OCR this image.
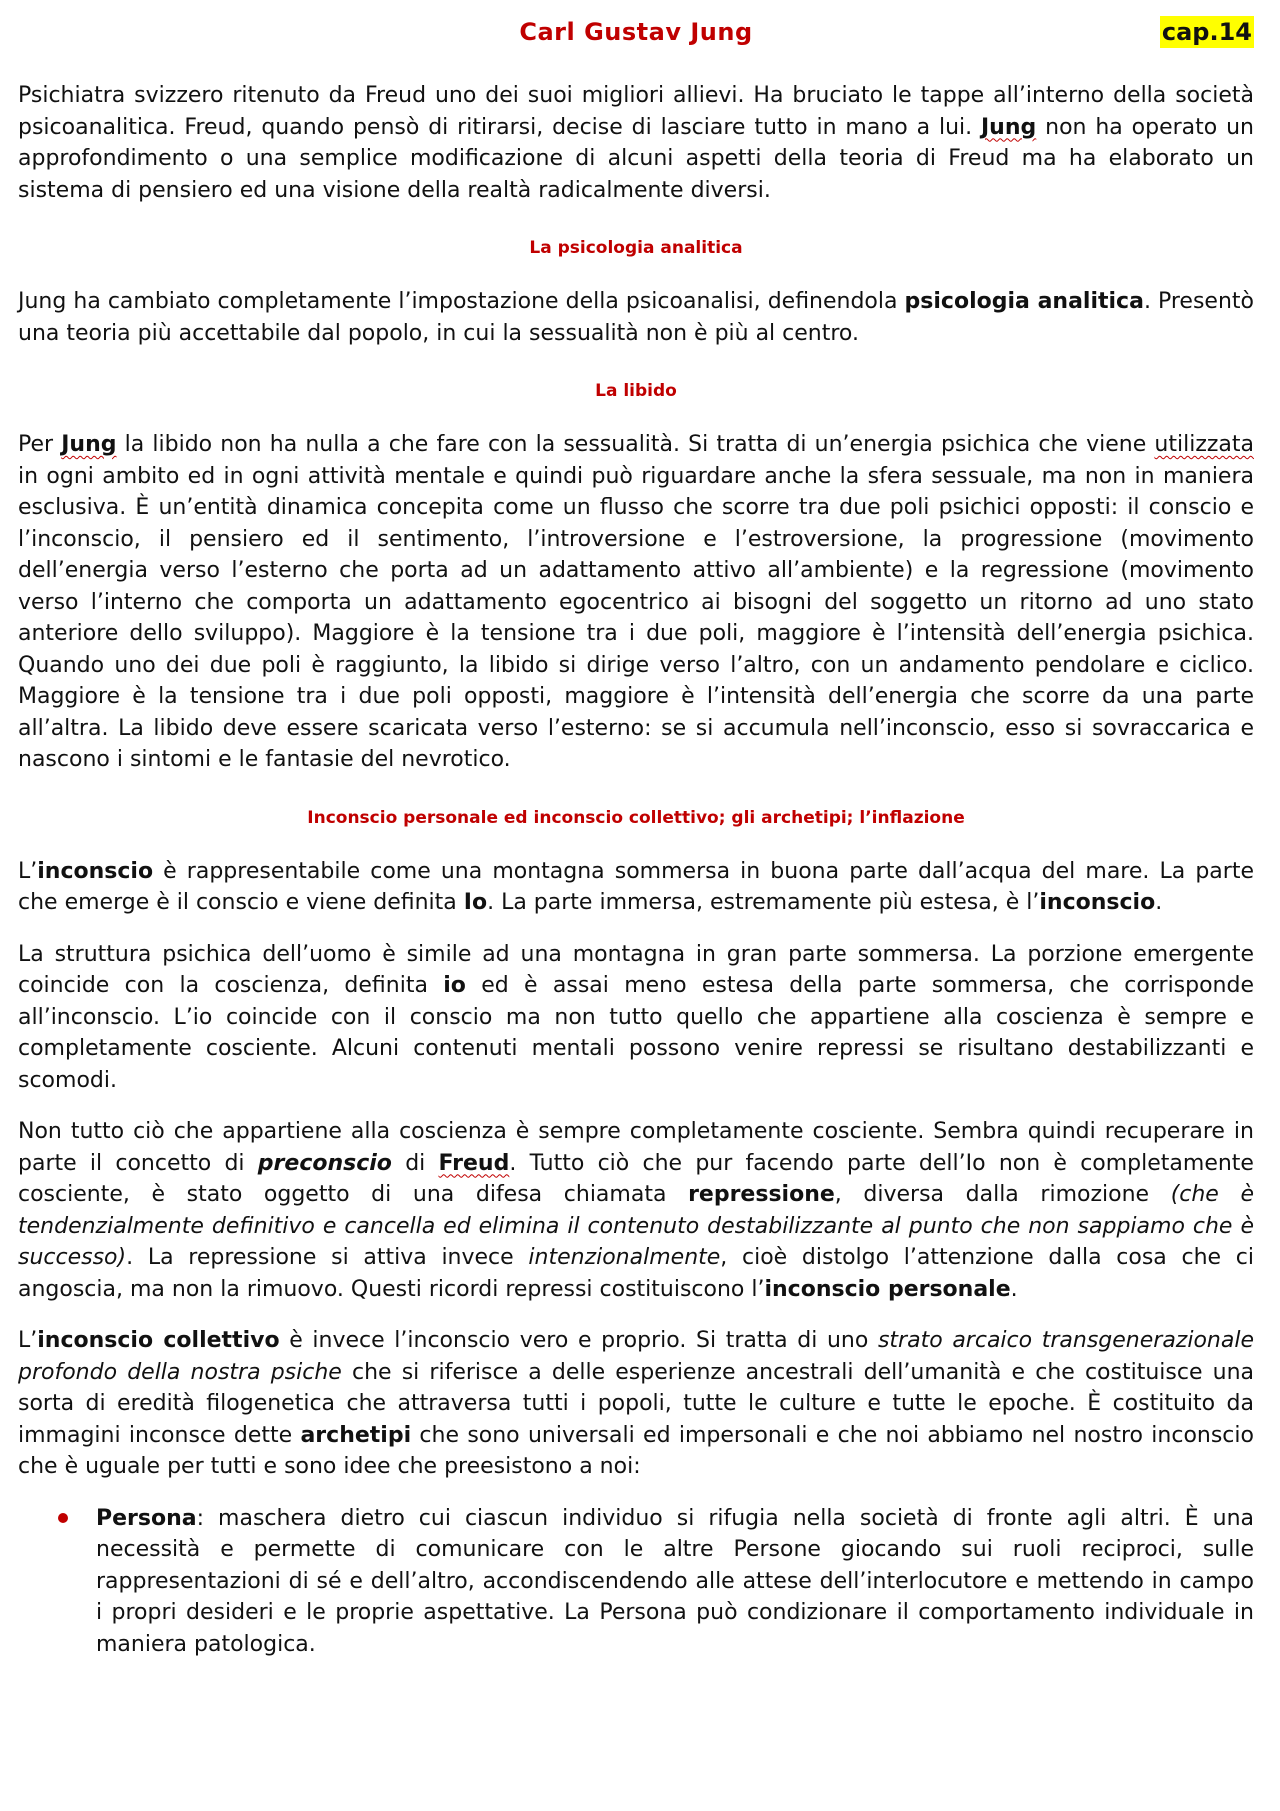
Carl Gustav Jung	cap.14

Psichiatra svizzero ritenuto da Freud uno dei suoi migliori allievi. Ha bruciato le tappe all’interno della società psicoanalitica. Freud, quando pensò di ritirarsi, decise di lasciare tutto in mano a lui. Jung non ha operato un approfondimento o una semplice modificazione di alcuni aspetti della teoria di Freud ma ha elaborato un sistema di pensiero ed una visione della realtà radicalmente diversi.

La psicologia analitica

Jung ha cambiato completamente l’impostazione della psicoanalisi, definendola psicologia analitica. Presentò una teoria più accettabile dal popolo, in cui la sessualità non è più al centro.

La libido

Per Jung la libido non ha nulla a che fare con la sessualità. Si tratta di un’energia psichica che viene utilizzata in ogni ambito ed in ogni attività mentale e quindi può riguardare anche la sfera sessuale, ma non in maniera esclusiva. È un’entità dinamica concepita come un flusso che scorre tra due poli psichici opposti: il conscio e l’inconscio, il pensiero ed il sentimento, l’introversione e l’estroversione, la progressione (movimento dell’energia verso l’esterno che porta ad un adattamento attivo all’ambiente) e la regressione (movimento verso l’interno che comporta un adattamento egocentrico ai bisogni del soggetto un ritorno ad uno stato anteriore dello sviluppo). Maggiore è la tensione tra i due poli, maggiore è l’intensità dell’energia psichica. Quando uno dei due poli è raggiunto, la libido si dirige verso l’altro, con un andamento pendolare e ciclico. Maggiore è la tensione tra i due poli opposti, maggiore è l’intensità dell’energia che scorre da una parte all’altra. La libido deve essere scaricata verso l’esterno: se si accumula nell’inconscio, esso si sovraccarica e nascono i sintomi e le fantasie del nevrotico.

Inconscio personale ed inconscio collettivo; gli archetipi; l’inflazione

L’inconscio è rappresentabile come una montagna sommersa in buona parte dall’acqua del mare. La parte che emerge è il conscio e viene definita Io. La parte immersa, estremamente più estesa, è l’inconscio.

La struttura psichica dell’uomo è simile ad una montagna in gran parte sommersa. La porzione emergente coincide con la coscienza, definita io ed è assai meno estesa della parte sommersa, che corrisponde all’inconscio. L’io coincide con il conscio ma non tutto quello che appartiene alla coscienza è sempre e completamente cosciente. Alcuni contenuti mentali possono venire repressi se risultano destabilizzanti e scomodi.

Non tutto ciò che appartiene alla coscienza è sempre completamente cosciente. Sembra quindi recuperare in parte il concetto di preconscio di Freud. Tutto ciò che pur facendo parte dell’Io non è completamente cosciente, è stato oggetto di una difesa chiamata repressione, diversa dalla rimozione (che è tendenzialmente definitivo e cancella ed elimina il contenuto destabilizzante al punto che non sappiamo che è successo). La repressione si attiva invece intenzionalmente, cioè distolgo l’attenzione dalla cosa che ci angoscia, ma non la rimuovo. Questi ricordi repressi costituiscono l’inconscio personale.

L’inconscio collettivo è invece l’inconscio vero e proprio. Si tratta di uno strato arcaico transgenerazionale profondo della nostra psiche che si riferisce a delle esperienze ancestrali dell’umanità e che costituisce una sorta di eredità filogenetica che attraversa tutti i popoli, tutte le culture e tutte le epoche. È costituito da immagini inconsce dette archetipi che sono universali ed impersonali e che noi abbiamo nel nostro inconscio che è uguale per tutti e sono idee che preesistono a noi:

Persona: maschera dietro cui ciascun individuo si rifugia nella società di fronte agli altri. È una necessità e permette di comunicare con le altre Persone giocando sui ruoli reciproci, sulle rappresentazioni di sé e dell’altro, accondiscendendo alle attese dell’interlocutore e mettendo in campo i propri desideri e le proprie aspettative. La Persona può condizionare il comportamento individuale in maniera patologica.
